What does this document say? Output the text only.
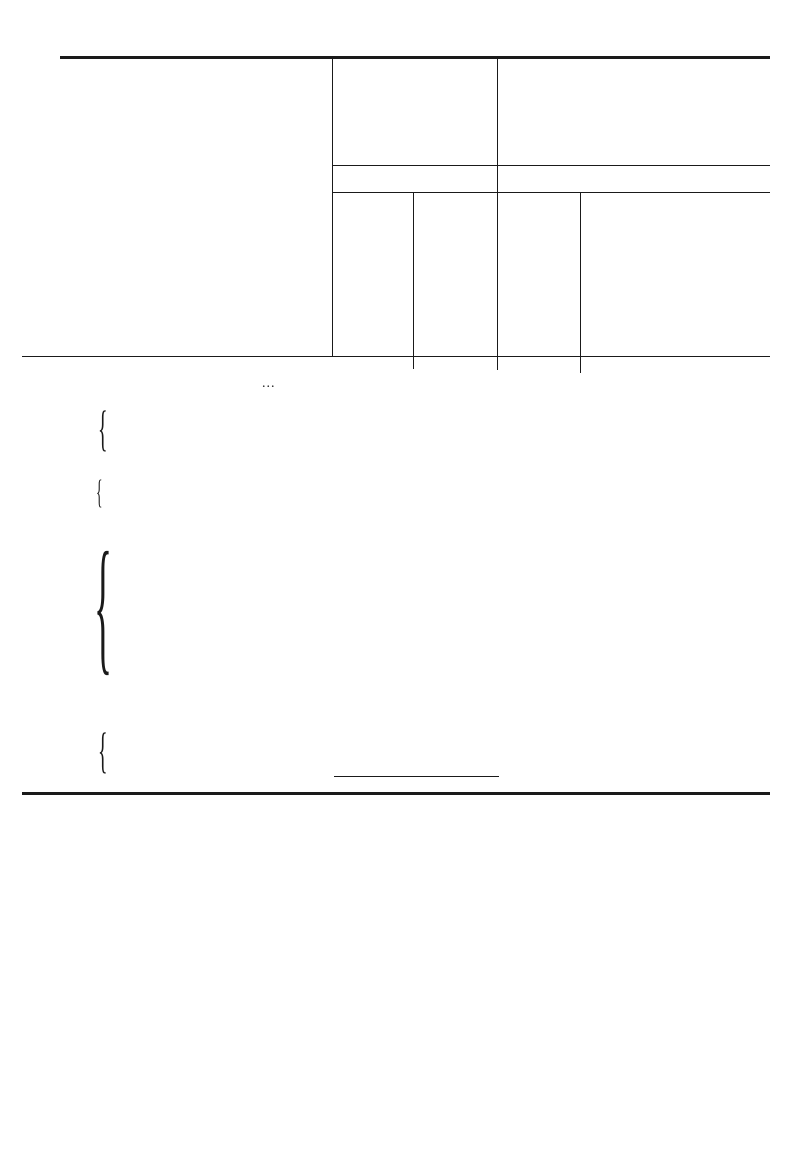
...
{
{
{
{
